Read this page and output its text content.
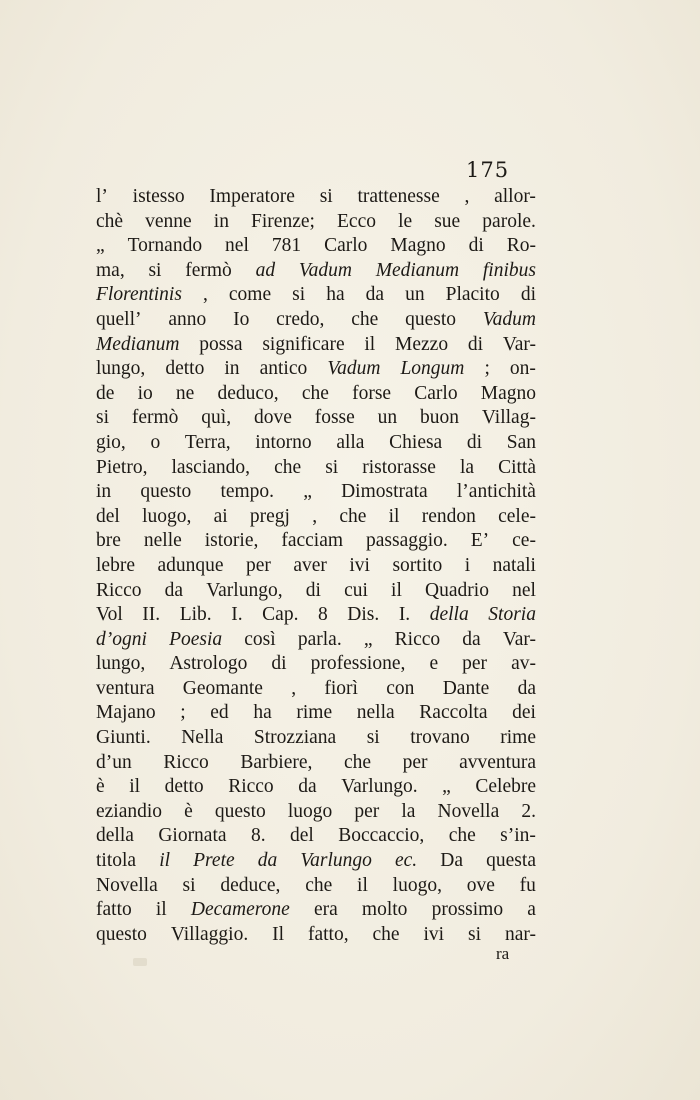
175
l’ istesso Imperatore si trattenesse , allor-
chè venne in Firenze; Ecco le sue parole.
„ Tornando nel 781 Carlo Magno di Ro-
ma, si fermò ad Vadum Medianum finibus
Florentinis , come si ha da un Placito di
quell’ anno Io credo, che questo Vadum
Medianum possa significare il Mezzo di Var-
lungo, detto in antico Vadum Longum ; on-
de io ne deduco, che forse Carlo Magno
si fermò quì, dove fosse un buon Villag-
gio, o Terra, intorno alla Chiesa di San
Pietro, lasciando, che si ristorasse la Città
in questo tempo. „ Dimostrata l’antichità
del luogo, ai pregj , che il rendon cele-
bre nelle istorie, facciam passaggio. E’ ce-
lebre adunque per aver ivi sortito i natali
Ricco da Varlungo, di cui il Quadrio nel
Vol II. Lib. I. Cap. 8 Dis. I. della Storia
d’ogni Poesia così parla. „ Ricco da Var-
lungo, Astrologo di professione, e per av-
ventura Geomante , fiorì con Dante da
Majano ; ed ha rime nella Raccolta dei
Giunti. Nella Strozziana si trovano rime
d’un Ricco Barbiere, che per avventura
è il detto Ricco da Varlungo. „ Celebre
eziandio è questo luogo per la Novella 2.
della Giornata 8. del Boccaccio, che s’in-
titola il Prete da Varlungo ec. Da questa
Novella si deduce, che il luogo, ove fu
fatto il Decamerone era molto prossimo a
questo Villaggio. Il fatto, che ivi si nar-
ra
